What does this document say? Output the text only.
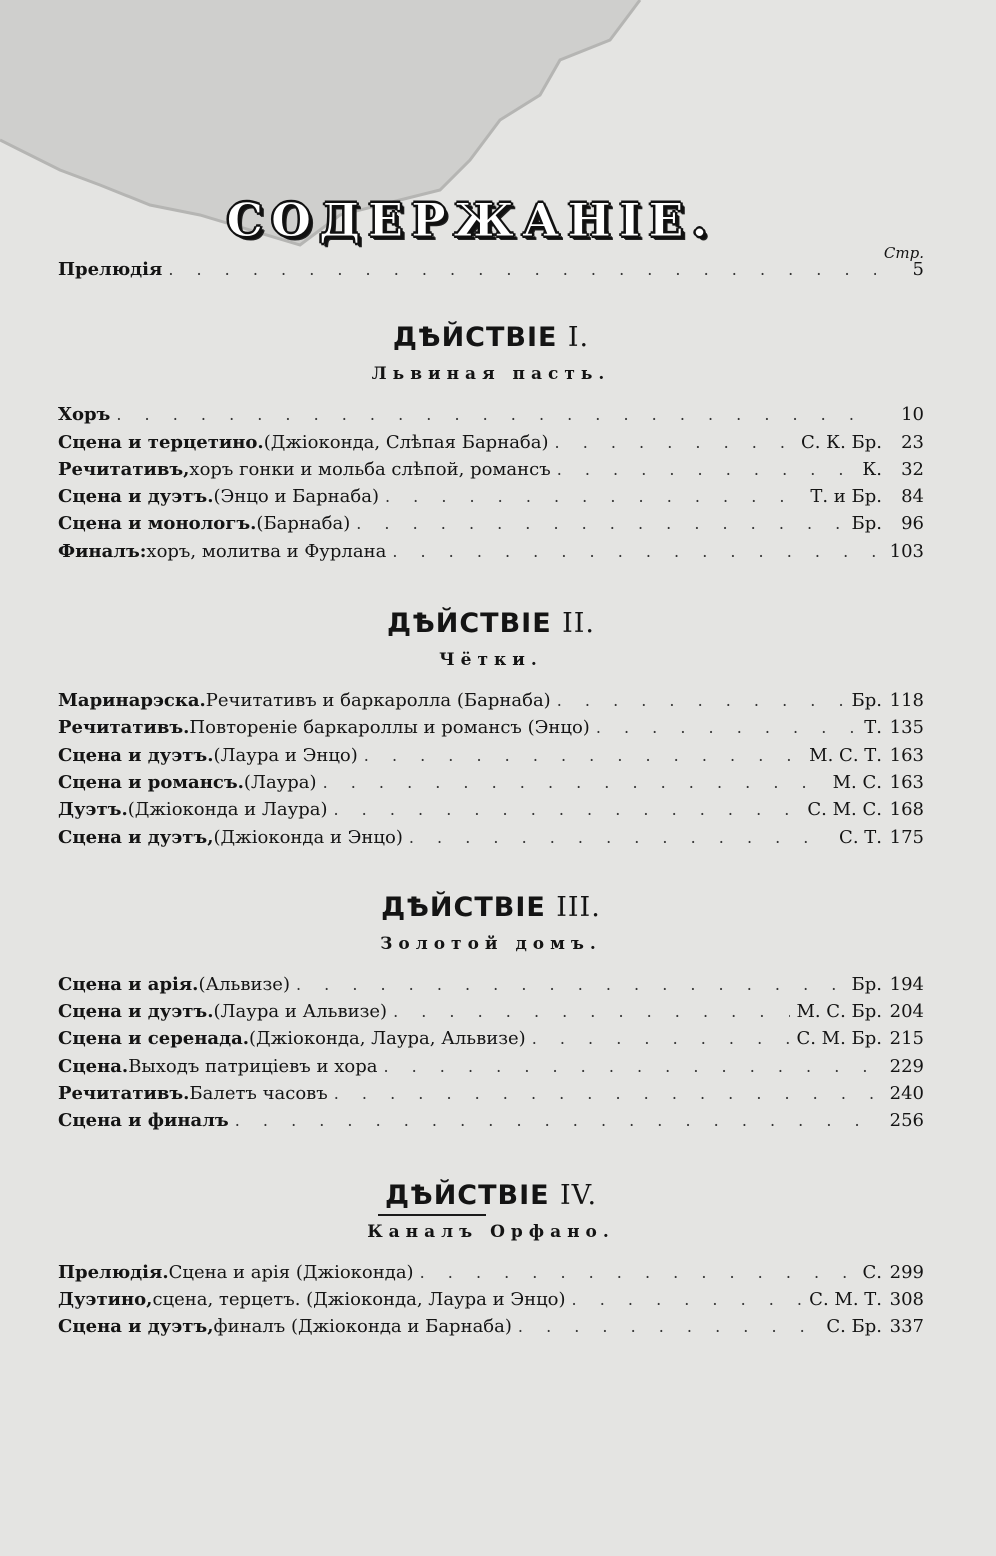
СОДЕРЖАНІЕ.
Стр.
Прелюдія . . .	5
ДѢЙСТВІЕ I.
Львиная пасть.
Хоръ . . .	10
Сцена и терцетино. (Джіоконда, Слѣпая Барнаба) . . .	С. К. Бр.	23
Речитативъ, хоръ гонки и мольба слѣпой, романсъ . . .	К.	32
Сцена и дуэтъ. (Энцо и Барнаба) . . .	Т. и Бр.	84
Сцена и монологъ. (Барнаба) . . .	Бр.	96
Финалъ: хоръ, молитва и Фурлана . . .	103
ДѢЙСТВІЕ II.
Чётки.
Маринарэска. Речитативъ и баркаролла (Барнаба) . . .	Бр. 118
Речитативъ. Повтореніе баркароллы и романсъ (Энцо) . . .	Т. 135
Сцена и дуэтъ. (Лаура и Энцо) . . .	М. С. Т. 163
Сцена и романсъ. (Лаура) . . .	М. С. 163
Дуэтъ. (Джіоконда и Лаура) . . .	С. М. С. 168
Сцена и дуэтъ, (Джіоконда и Энцо) . . .	С. Т. 175
ДѢЙСТВІЕ III.
Золотой домъ.
Сцена и арія. (Альвизе) . . .	Бр. 194
Сцена и дуэтъ. (Лаура и Альвизе) . . .	М. С. Бр. 204
Сцена и серенада. (Джіоконда, Лаура, Альвизе) . . .	С. М. Бр. 215
Сцена. Выходъ патриціевъ и хора . . .	229
Речитативъ. Балетъ часовъ . . .	240
Сцена и финалъ . . .	256
ДѢЙСТВІЕ IV.
Каналъ Орфано.
Прелюдія. Сцена и арія (Джіоконда) . . .	С. 299
Дуэтино, сцена, терцетъ. (Джіоконда, Лаура и Энцо) . . .	С. М. Т. 308
Сцена и дуэтъ, финалъ (Джіоконда и Барнаба) . . .	С. Бр. 337
